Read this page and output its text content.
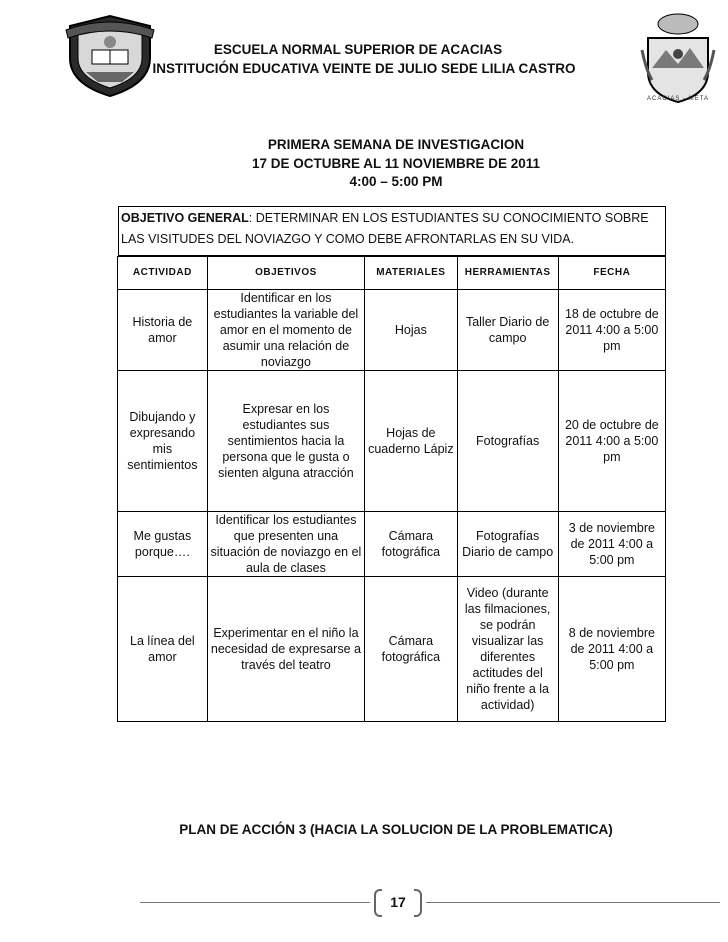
ACACIAS - META
ESCUELA NORMAL SUPERIOR DE ACACIAS
INSTITUCIÓN EDUCATIVA VEINTE DE JULIO SEDE LILIA CASTRO
PRIMERA SEMANA DE INVESTIGACION
17 DE OCTUBRE AL 11 NOVIEMBRE DE 2011
4:00 – 5:00 PM
OBJETIVO GENERAL: DETERMINAR EN LOS ESTUDIANTES SU CONOCIMIENTO SOBRE LAS VISITUDES DEL NOVIAZGO Y COMO DEBE AFRONTARLAS EN SU VIDA.
ACTIVIDAD	OBJETIVOS	MATERIALES	HERRAMIENTAS	FECHA
Historia de amor	Identificar en los estudiantes la variable del amor en el momento de asumir una relación de noviazgo	Hojas	Taller Diario de campo	18 de octubre de 2011 4:00 a 5:00 pm
Dibujando y expresando mis sentimientos	Expresar en los estudiantes sus sentimientos hacia la persona que le gusta o sienten alguna atracción	Hojas de cuaderno Lápiz	Fotografías	20 de octubre de 2011 4:00 a 5:00 pm
Me gustas porque….	Identificar los estudiantes que presenten una situación de noviazgo en el aula de clases	Cámara fotográfica	Fotografías Diario de campo	3 de noviembre de 2011 4:00 a 5:00 pm
La línea del amor	Experimentar en el niño la necesidad de expresarse a través del teatro	Cámara fotográfica	Video (durante las filmaciones, se podrán visualizar las diferentes actitudes del niño frente a la actividad)	8 de noviembre de 2011 4:00 a 5:00 pm
PLAN DE ACCIÓN 3 (HACIA LA SOLUCION DE LA PROBLEMATICA)
17
